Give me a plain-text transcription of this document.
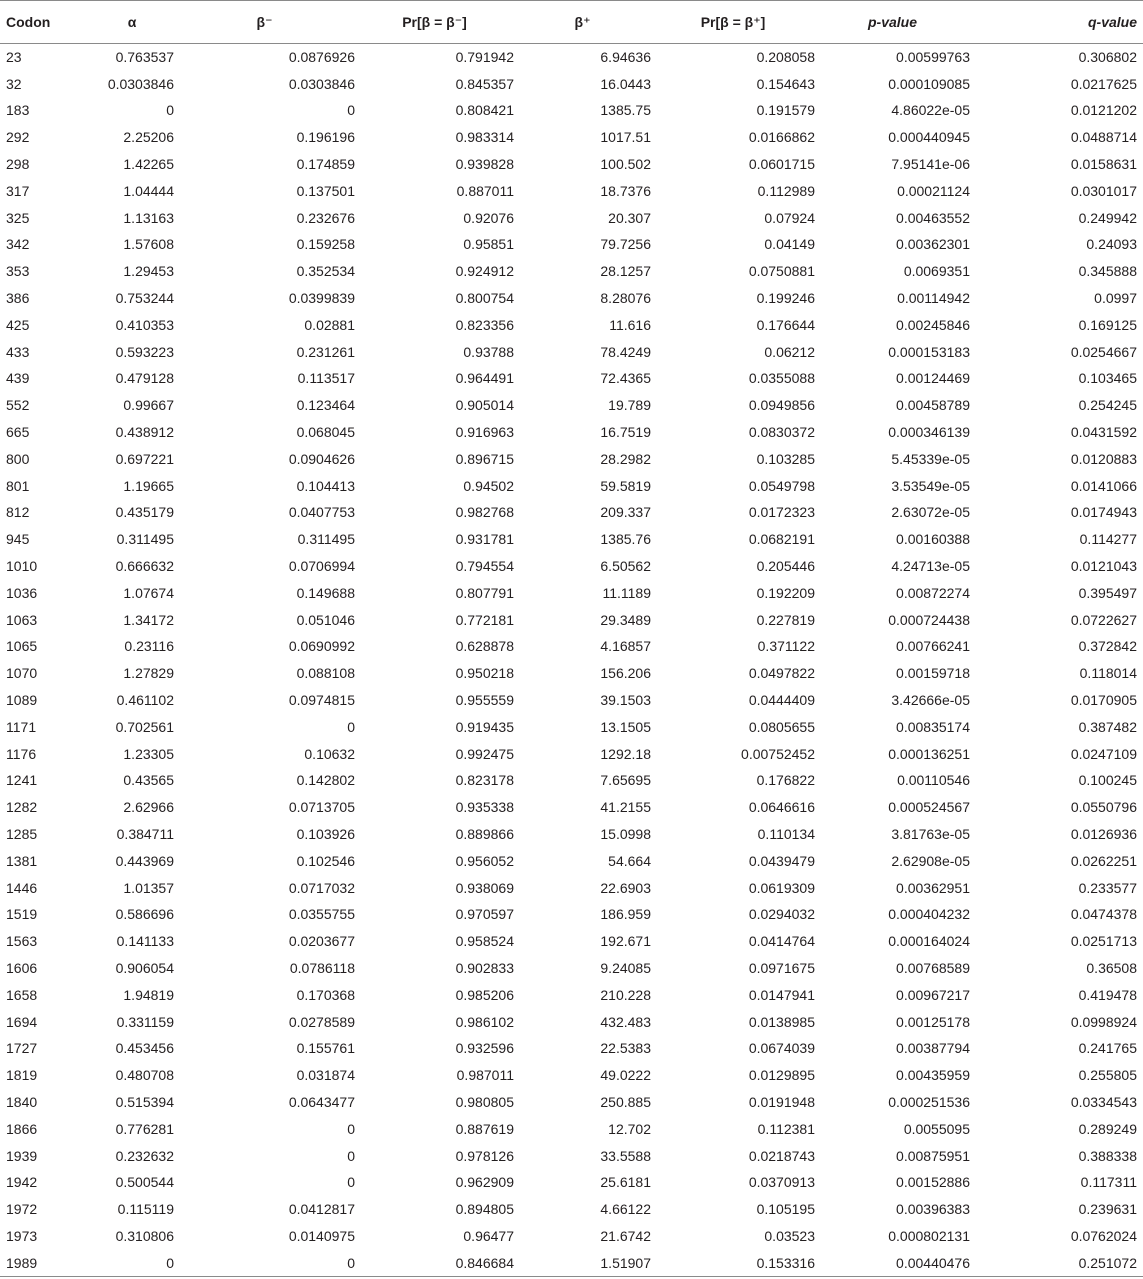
Codon	α	β⁻	Pr[β = β⁻]	β⁺	Pr[β = β⁺]	p-value	q-value
23	0.763537	0.0876926	0.791942	6.94636	0.208058	0.00599763	0.306802
32	0.0303846	0.0303846	0.845357	16.0443	0.154643	0.000109085	0.0217625
183	0	0	0.808421	1385.75	0.191579	4.86022e-05	0.0121202
292	2.25206	0.196196	0.983314	1017.51	0.0166862	0.000440945	0.0488714
298	1.42265	0.174859	0.939828	100.502	0.0601715	7.95141e-06	0.0158631
317	1.04444	0.137501	0.887011	18.7376	0.112989	0.00021124	0.0301017
325	1.13163	0.232676	0.92076	20.307	0.07924	0.00463552	0.249942
342	1.57608	0.159258	0.95851	79.7256	0.04149	0.00362301	0.24093
353	1.29453	0.352534	0.924912	28.1257	0.0750881	0.0069351	0.345888
386	0.753244	0.0399839	0.800754	8.28076	0.199246	0.00114942	0.0997
425	0.410353	0.02881	0.823356	11.616	0.176644	0.00245846	0.169125
433	0.593223	0.231261	0.93788	78.4249	0.06212	0.000153183	0.0254667
439	0.479128	0.113517	0.964491	72.4365	0.0355088	0.00124469	0.103465
552	0.99667	0.123464	0.905014	19.789	0.0949856	0.00458789	0.254245
665	0.438912	0.068045	0.916963	16.7519	0.0830372	0.000346139	0.0431592
800	0.697221	0.0904626	0.896715	28.2982	0.103285	5.45339e-05	0.0120883
801	1.19665	0.104413	0.94502	59.5819	0.0549798	3.53549e-05	0.0141066
812	0.435179	0.0407753	0.982768	209.337	0.0172323	2.63072e-05	0.0174943
945	0.311495	0.311495	0.931781	1385.76	0.0682191	0.00160388	0.114277
1010	0.666632	0.0706994	0.794554	6.50562	0.205446	4.24713e-05	0.0121043
1036	1.07674	0.149688	0.807791	11.1189	0.192209	0.00872274	0.395497
1063	1.34172	0.051046	0.772181	29.3489	0.227819	0.000724438	0.0722627
1065	0.23116	0.0690992	0.628878	4.16857	0.371122	0.00766241	0.372842
1070	1.27829	0.088108	0.950218	156.206	0.0497822	0.00159718	0.118014
1089	0.461102	0.0974815	0.955559	39.1503	0.0444409	3.42666e-05	0.0170905
1171	0.702561	0	0.919435	13.1505	0.0805655	0.00835174	0.387482
1176	1.23305	0.10632	0.992475	1292.18	0.00752452	0.000136251	0.0247109
1241	0.43565	0.142802	0.823178	7.65695	0.176822	0.00110546	0.100245
1282	2.62966	0.0713705	0.935338	41.2155	0.0646616	0.000524567	0.0550796
1285	0.384711	0.103926	0.889866	15.0998	0.110134	3.81763e-05	0.0126936
1381	0.443969	0.102546	0.956052	54.664	0.0439479	2.62908e-05	0.0262251
1446	1.01357	0.0717032	0.938069	22.6903	0.0619309	0.00362951	0.233577
1519	0.586696	0.0355755	0.970597	186.959	0.0294032	0.000404232	0.0474378
1563	0.141133	0.0203677	0.958524	192.671	0.0414764	0.000164024	0.0251713
1606	0.906054	0.0786118	0.902833	9.24085	0.0971675	0.00768589	0.36508
1658	1.94819	0.170368	0.985206	210.228	0.0147941	0.00967217	0.419478
1694	0.331159	0.0278589	0.986102	432.483	0.0138985	0.00125178	0.0998924
1727	0.453456	0.155761	0.932596	22.5383	0.0674039	0.00387794	0.241765
1819	0.480708	0.031874	0.987011	49.0222	0.0129895	0.00435959	0.255805
1840	0.515394	0.0643477	0.980805	250.885	0.0191948	0.000251536	0.0334543
1866	0.776281	0	0.887619	12.702	0.112381	0.0055095	0.289249
1939	0.232632	0	0.978126	33.5588	0.0218743	0.00875951	0.388338
1942	0.500544	0	0.962909	25.6181	0.0370913	0.00152886	0.117311
1972	0.115119	0.0412817	0.894805	4.66122	0.105195	0.00396383	0.239631
1973	0.310806	0.0140975	0.96477	21.6742	0.03523	0.000802131	0.0762024
1989	0	0	0.846684	1.51907	0.153316	0.00440476	0.251072
